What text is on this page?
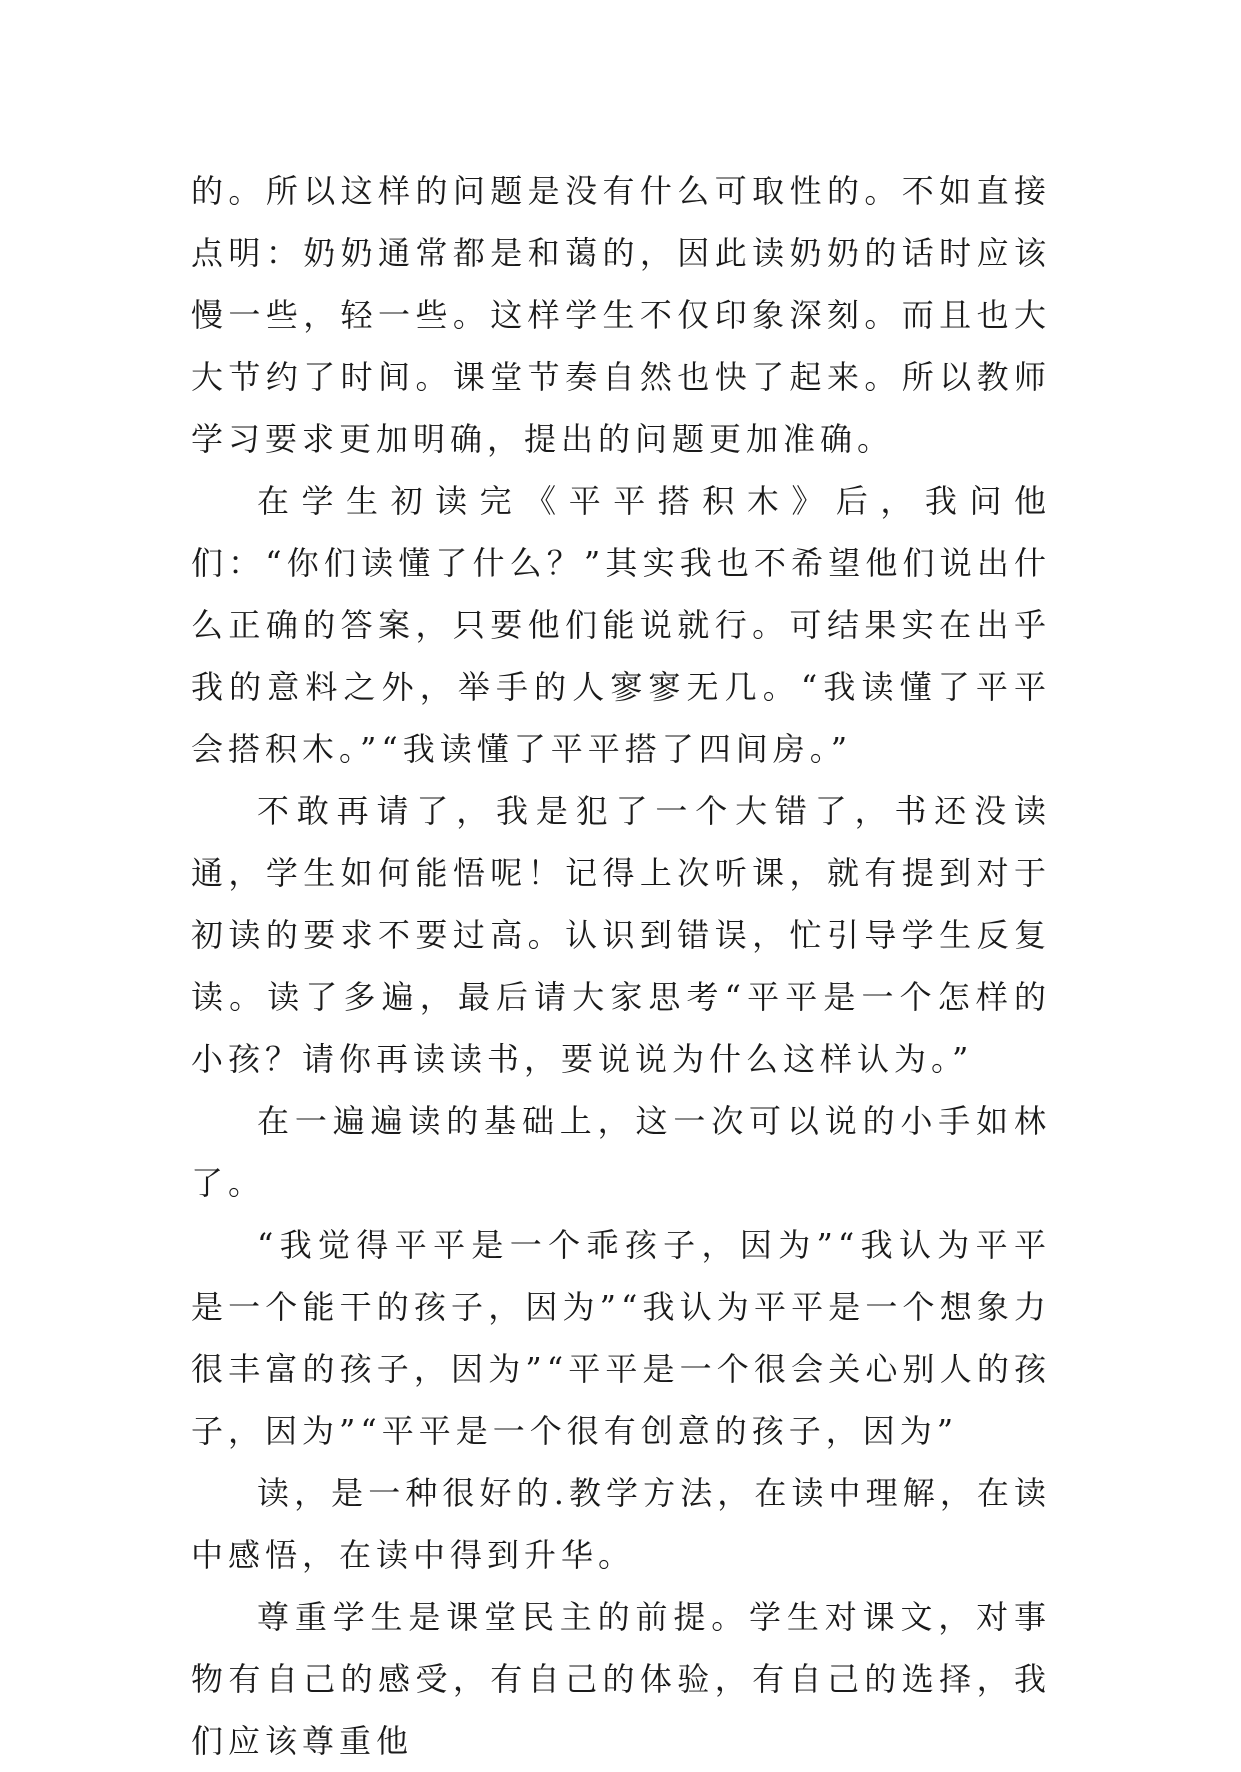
的。所以这样的问题是没有什么可取性的。不如直接点明：奶奶通常都是和蔼的，因此读奶奶的话时应该慢一些，轻一些。这样学生不仅印象深刻。而且也大大节约了时间。课堂节奏自然也快了起来。所以教师学习要求更加明确，提出的问题更加准确。

在学生初读完《平平搭积木》后，我问他们：“你们读懂了什么？”其实我也不希望他们说出什么正确的答案，只要他们能说就行。可结果实在出乎我的意料之外，举手的人寥寥无几。“我读懂了平平会搭积木。”“我读懂了平平搭了四间房。”

不敢再请了，我是犯了一个大错了，书还没读通，学生如何能悟呢！记得上次听课，就有提到对于初读的要求不要过高。认识到错误，忙引导学生反复读。读了多遍，最后请大家思考“平平是一个怎样的小孩？请你再读读书，要说说为什么这样认为。”

在一遍遍读的基础上，这一次可以说的小手如林了。

“我觉得平平是一个乖孩子，因为”“我认为平平是一个能干的孩子，因为”“我认为平平是一个想象力很丰富的孩子，因为”“平平是一个很会关心别人的孩子，因为”“平平是一个很有创意的孩子，因为”

读，是一种很好的.教学方法，在读中理解，在读中感悟，在读中得到升华。

尊重学生是课堂民主的前提。学生对课文，对事物有自己的感受，有自己的体验，有自己的选择，我们应该尊重他
